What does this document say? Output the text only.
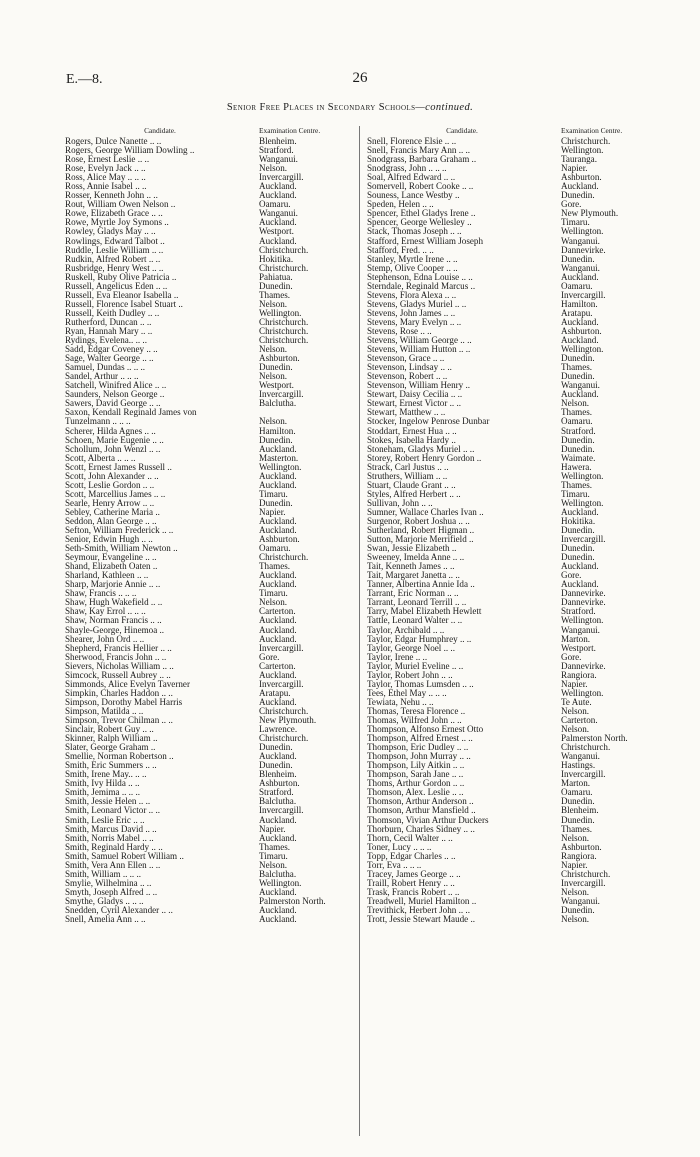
E.—8.	26
Senior Free Places in Secondary Schools—continued.
Candidate.	Examination Centre.
Rogers, Dulce Nanette .. ..	Blenheim.
Rogers, George William Dowling ..	Stratford.
Rose, Ernest Leslie .. ..	Wanganui.
Rose, Evelyn Jack .. ..	Nelson.
Ross, Alice May .. .. ..	Invercargill.
Ross, Annie Isabel .. ..	Auckland.
Rosser, Kenneth John .. ..	Auckland.
Rout, William Owen Nelson ..	Oamaru.
Rowe, Elizabeth Grace .. ..	Wanganui.
Rowe, Myrtle Joy Symons ..	Auckland.
Rowley, Gladys May .. ..	Westport.
Rowlings, Edward Talbot ..	Auckland.
Ruddle, Leslie William .. ..	Christchurch.
Rudkin, Alfred Robert .. ..	Hokitika.
Rusbridge, Henry West .. ..	Christchurch.
Ruskell, Ruby Olive Patricia ..	Pahiatua.
Russell, Angelicus Eden .. ..	Dunedin.
Russell, Eva Eleanor Isabella ..	Thames.
Russell, Florence Isabel Stuart ..	Nelson.
Russell, Keith Dudley .. ..	Wellington.
Rutherford, Duncan .. ..	Christchurch.
Ryan, Hannah Mary .. ..	Christchurch.
Rydings, Evelena.. .. ..	Christchurch.
Sadd, Edgar Coveney .. ..	Nelson.
Sage, Walter George .. ..	Ashburton.
Samuel, Dundas .. .. ..	Dunedin.
Sandel, Arthur .. .. ..	Nelson.
Satchell, Winifred Alice .. ..	Westport.
Saunders, Nelson George ..	Invercargill.
Sawers, David George .. ..	Balclutha.
Saxon, Kendall Reginald James von
Tunzelmann .. .. ..	Nelson.
Scherer, Hilda Agnes .. ..	Hamilton.
Schoen, Marie Eugenie .. ..	Dunedin.
Schollum, John Wenzl .. ..	Auckland.
Scott, Alberta .. .. ..	Masterton.
Scott, Ernest James Russell ..	Wellington.
Scott, John Alexander .. ..	Auckland.
Scott, Leslie Gordon .. ..	Auckland.
Scott, Marcellius James .. ..	Timaru.
Searle, Henry Arrow .. ..	Dunedin.
Sebley, Catherine Maria ..	Napier.
Seddon, Alan George .. ..	Auckland.
Sefton, William Frederick .. ..	Auckland.
Senior, Edwin Hugh .. ..	Ashburton.
Seth-Smith, William Newton ..	Oamaru.
Seymour, Evangeline .. ..	Christchurch.
Shand, Elizabeth Oaten ..	Thames.
Sharland, Kathleen .. ..	Auckland.
Sharp, Marjorie Annie .. ..	Auckland.
Shaw, Francis .. .. ..	Timaru.
Shaw, Hugh Wakefield .. ..	Nelson.
Shaw, Kay Errol .. .. ..	Carterton.
Shaw, Norman Francis .. ..	Auckland.
Shayle-George, Hinemoa ..	Auckland.
Shearer, John Ord .. ..	Auckland.
Shepherd, Francis Hellier .. ..	Invercargill.
Sherwood, Francis John .. ..	Gore.
Sievers, Nicholas William .. ..	Carterton.
Simcock, Russell Aubrey .. ..	Auckland.
Simmonds, Alice Evelyn Taverner	Invercargill.
Simpkin, Charles Haddon .. ..	Aratapu.
Simpson, Dorothy Mabel Harris	Auckland.
Simpson, Matilda .. ..	Christchurch.
Simpson, Trevor Chilman .. ..	New Plymouth.
Sinclair, Robert Guy .. ..	Lawrence.
Skinner, Ralph William ..	Christchurch.
Slater, George Graham ..	Dunedin.
Smellie, Norman Robertson ..	Auckland.
Smith, Eric Summers .. ..	Dunedin.
Smith, Irene May.. .. ..	Blenheim.
Smith, Ivy Hilda .. ..	Ashburton.
Smith, Jemima .. .. ..	Stratford.
Smith, Jessie Helen .. ..	Balclutha.
Smith, Leonard Victor .. ..	Invercargill.
Smith, Leslie Eric .. ..	Auckland.
Smith, Marcus David .. ..	Napier.
Smith, Norris Mabel .. ..	Auckland.
Smith, Reginald Hardy .. ..	Thames.
Smith, Samuel Robert William ..	Timaru.
Smith, Vera Ann Ellen .. ..	Nelson.
Smith, William .. .. ..	Balclutha.
Smylie, Wilhelmina .. ..	Wellington.
Smyth, Joseph Alfred .. ..	Auckland.
Smythe, Gladys .. .. ..	Palmerston North.
Snedden, Cyril Alexander .. ..	Auckland.
Snell, Amelia Ann .. ..	Auckland.
Candidate.	Examination Centre.
Snell, Florence Elsie .. ..	Christchurch.
Snell, Francis Mary Ann .. ..	Wellington.
Snodgrass, Barbara Graham ..	Tauranga.
Snodgrass, John .. .. ..	Napier.
Soal, Alfred Edward .. ..	Ashburton.
Somervell, Robert Cooke .. ..	Auckland.
Souness, Lance Westby ..	Dunedin.
Speden, Helen .. ..	Gore.
Spencer, Ethel Gladys Irene ..	New Plymouth.
Spencer, George Wellesley ..	Timaru.
Stack, Thomas Joseph .. ..	Wellington.
Stafford, Ernest William Joseph	Wanganui.
Stafford, Fred. .. ..	Dannevirke.
Stanley, Myrtle Irene .. ..	Dunedin.
Stemp, Olive Cooper .. ..	Wanganui.
Stephenson, Edna Louise .. ..	Auckland.
Sterndale, Reginald Marcus ..	Oamaru.
Stevens, Flora Alexa .. ..	Invercargill.
Stevens, Gladys Muriel .. ..	Hamilton.
Stevens, John James .. ..	Aratapu.
Stevens, Mary Evelyn .. ..	Auckland.
Stevens, Rose .. ..	Ashburton.
Stevens, William George .. ..	Auckland.
Stevens, William Hutton .. ..	Wellington.
Stevenson, Grace .. ..	Dunedin.
Stevenson, Lindsay .. ..	Thames.
Stevenson, Robert .. ..	Dunedin.
Stevenson, William Henry ..	Wanganui.
Stewart, Daisy Cecilia .. ..	Auckland.
Stewart, Ernest Victor .. ..	Nelson.
Stewart, Matthew .. ..	Thames.
Stocker, Ingelow Penrose Dunbar	Oamaru.
Stoddart, Ernest Hua .. ..	Stratford.
Stokes, Isabella Hardy ..	Dunedin.
Stoneham, Gladys Muriel .. ..	Dunedin.
Storey, Robert Henry Gordon ..	Waimate.
Strack, Carl Justus .. ..	Hawera.
Struthers, William .. ..	Wellington.
Stuart, Claude Grant .. ..	Thames.
Styles, Alfred Herbert .. ..	Timaru.
Sullivan, John .. ..	Wellington.
Sumner, Wallace Charles Ivan ..	Auckland.
Surgenor, Robert Joshua .. ..	Hokitika.
Sutherland, Robert Higman ..	Dunedin.
Sutton, Marjorie Merrifield ..	Invercargill.
Swan, Jessie Elizabeth ..	Dunedin.
Sweeney, Imelda Anne .. ..	Dunedin.
Tait, Kenneth James .. ..	Auckland.
Tait, Margaret Janetta .. ..	Gore.
Tanner, Albertina Annie Ida ..	Auckland.
Tarrant, Eric Norman .. ..	Dannevirke.
Tarrant, Leonard Terrill .. ..	Dannevirke.
Tarry, Mabel Elizabeth Hewlett	Stratford.
Tattle, Leonard Walter .. ..	Wellington.
Taylor, Archibald .. ..	Wanganui.
Taylor, Edgar Humphrey .. ..	Marton.
Taylor, George Noel .. ..	Westport.
Taylor, Irene .. ..	Gore.
Taylor, Muriel Eveline .. ..	Dannevirke.
Taylor, Robert John .. ..	Rangiora.
Taylor, Thomas Lumsden .. ..	Napier.
Tees, Ethel May .. .. ..	Wellington.
Tewiata, Nehu .. ..	Te Aute.
Thomas, Teresa Florence ..	Nelson.
Thomas, Wilfred John .. ..	Carterton.
Thompson, Alfonso Ernest Otto	Nelson.
Thompson, Alfred Ernest .. ..	Palmerston North.
Thompson, Eric Dudley .. ..	Christchurch.
Thompson, John Murray .. ..	Wanganui.
Thompson, Lily Aitkin .. ..	Hastings.
Thompson, Sarah Jane .. ..	Invercargill.
Thoms, Arthur Gordon .. ..	Marton.
Thomson, Alex. Leslie .. ..	Oamaru.
Thomson, Arthur Anderson ..	Dunedin.
Thomson, Arthur Mansfield ..	Blenheim.
Thomson, Vivian Arthur Duckers	Dunedin.
Thorburn, Charles Sidney .. ..	Thames.
Thorn, Cecil Walter .. ..	Nelson.
Toner, Lucy .. .. ..	Ashburton.
Topp, Edgar Charles .. ..	Rangiora.
Torr, Eva .. .. ..	Napier.
Tracey, James George .. ..	Christchurch.
Traill, Robert Henry .. ..	Invercargill.
Trask, Francis Robert .. ..	Nelson.
Treadwell, Muriel Hamilton ..	Wanganui.
Trevithick, Herbert John .. ..	Dunedin.
Trott, Jessie Stewart Maude ..	Nelson.
